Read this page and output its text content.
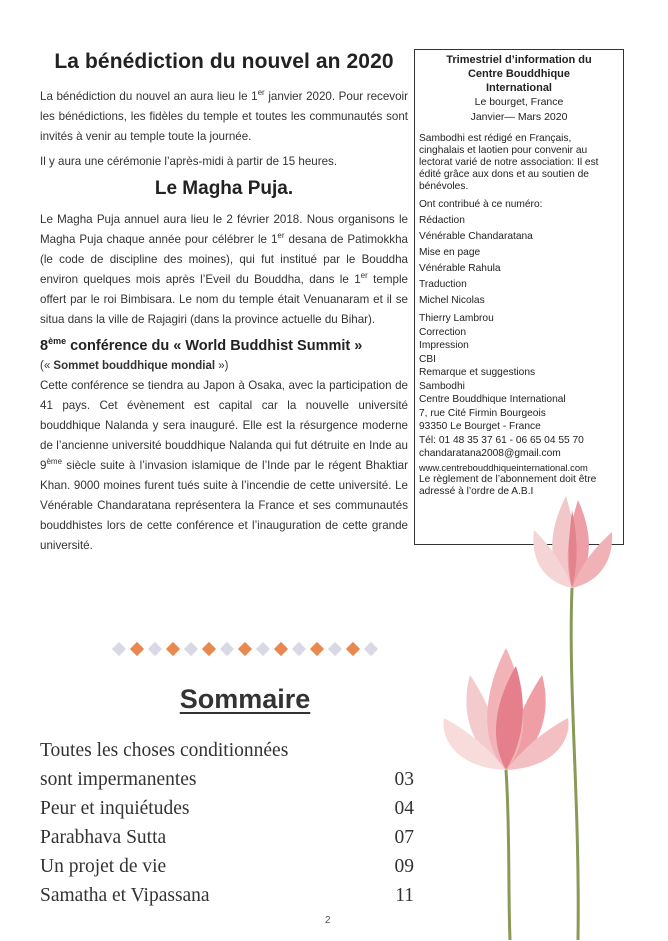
La bénédiction du nouvel an 2020

La bénédiction du nouvel an aura lieu le 1er janvier 2020. Pour recevoir les bénédictions, les fidèles du temple et toutes les communautés sont invités à venir au temple toute la journée.

Il y aura une cérémonie l’après-midi à partir de 15 heures.

Le Magha Puja.

Le Magha Puja annuel aura lieu le 2 février 2018. Nous organisons le Magha Puja chaque année pour célébrer le 1er desana de Patimokkha (le code de discipline des moines), qui fut institué par le Bouddha environ quelques mois après l’Eveil du Bouddha, dans le 1er temple offert par le roi Bimbisara. Le nom du temple était Venuanaram et il se situa dans la ville de Rajagiri (dans la province actuelle du Bihar).

8ème conférence du « World Buddhist Summit »
(« Sommet bouddhique mondial »)

Cette conférence se tiendra au Japon à Osaka, avec la participation de 41 pays. Cet évènement est capital car la nouvelle université bouddhique Nalanda y sera inauguré. Elle est la résurgence moderne de l’ancienne université bouddhique Nalanda qui fut détruite en Inde au 9ème siècle suite à l’invasion islamique de l’Inde par le régent Bhaktiar Khan. 9000 moines furent tués suite à l’incendie de cette université. Le Vénérable Chandaratana représentera la France et ses communautés bouddhistes lors de cette conférence et l’inauguration de cette grande université.

Trimestriel d’information du
Centre Bouddhique
International
Le bourget, France
Janvier— Mars 2020
Sambodhi est rédigé en Français, cinghalais et laotien pour convenir au lectorat varié de notre association: Il est édité grâce aux dons et au soutien de bénévoles.
Ont contribué à ce numéro:
Rédaction
Vénérable Chandaratana
Mise en page
Vénérable Rahula
Traduction
Michel Nicolas
Thierry Lambrou
Correction
Impression
CBI
Remarque et suggestions
Sambodhi
Centre Bouddhique International
7, rue Cité Firmin Bourgeois
93350 Le Bourget - France
Tél: 01 48 35 37 61 - 06 65 04 55 70
chandaratana2008@gmail.com
www.centrebouddhiqueinternational.com
Le règlement de l’abonnement doit être adressé à l’ordre de A.B.I
Sommaire
Toutes les choses conditionnées
sont impermanentes	03
Peur et inquiétudes	04
Parabhava Sutta	07
Un projet de vie	09
Samatha et Vipassana	11
2
